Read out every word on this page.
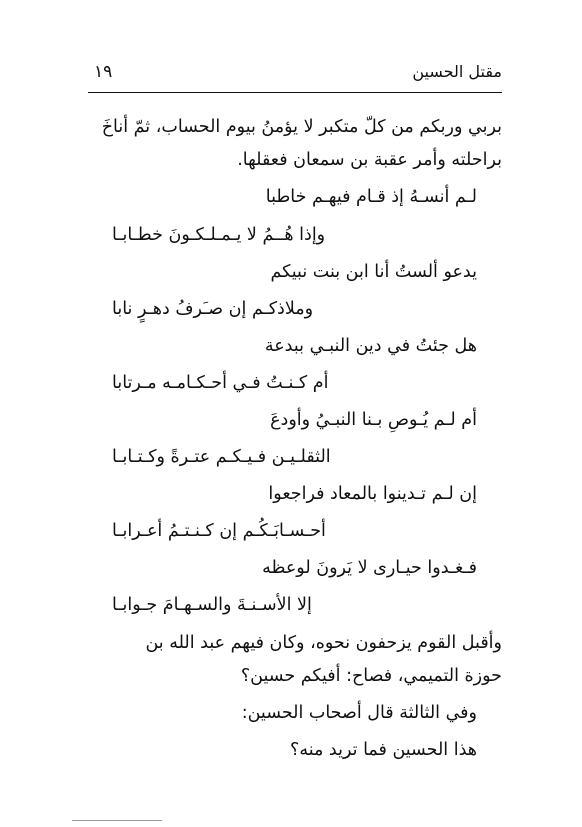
١٩	مقتل الحسين
بربي وربكم من كلّ متكبر لا يؤمنُ بيوم الحساب، ثمّ أناخَ
براحلته وأمر عقبة بن سمعان فعقلها.
لـم أنسـهُ إذ قـام فيهـم خاطبا
وإذا هُــمُ لا يـمـلـكـونَ خطـابـا
يدعو ألستُ أنا ابن بنت نبيكم
وملاذكـم إن صـَرفُ دهـرٍ نابا
هل جئتُ في دين النبـي ببدعة
أم كـنـتُ فـي أحـكـامـه مـرتابا
أم لـم يُـوصِ بـنا النبـيُ وأودعَ
الثقلـيـن فـيـكـم عتـرةً وكـتـابـا
إن لـم تـدينوا بالمعاد فراجعوا
أحـسـابَـكُـم إن كـنـتـمُ أعـرابـا
فـغـدوا حيـارى لا يَرونَ لوعظه
إلا الأسـنـةَ والسـهـامَ جـوابـا
وأقبل القوم يزحفون نحوه، وكان فيهم عبد الله بن
حوزة التميمي، فصاح: أفيكم حسين؟
وفي الثالثة قال أصحاب الحسين:
هذا الحسين فما تريد منه؟
